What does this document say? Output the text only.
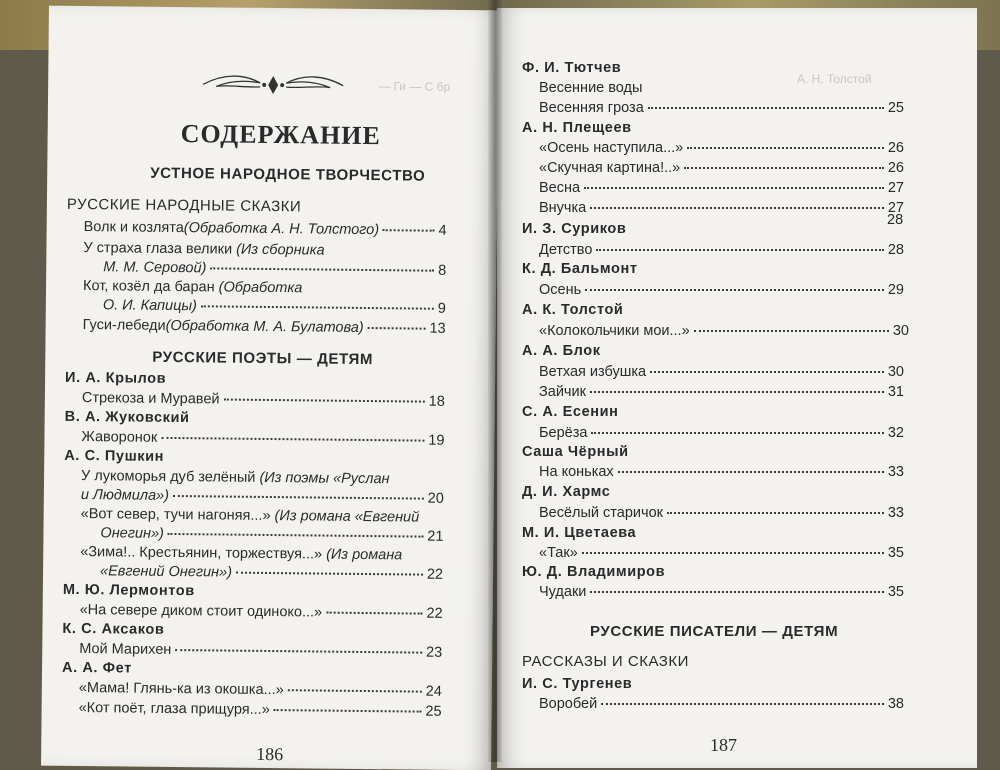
— Ги — С бр
СОДЕРЖАНИЕ
УСТНОЕ НАРОДНОЕ ТВОРЧЕСТВО
РУССКИЕ НАРОДНЫЕ СКАЗКИ
Волк и козлята (Обработка А. Н. Толстого)	4
У страха глаза велики (Из сборника
М. М. Серовой)	8
Кот, козёл да баран (Обработка
О. И. Капицы)	9
Гуси-лебеди (Обработка М. А. Булатова)	13
РУССКИЕ ПОЭТЫ — ДЕТЯМ
И. А. Крылов
Стрекоза и Муравей	18
В. А. Жуковский
Жаворонок	19
А. С. Пушкин
У лукоморья дуб зелёный (Из поэмы «Руслан
и Людмила»)	20
«Вот север, тучи нагоняя...» (Из романа «Евгений
Онегин»)	21
«Зима!.. Крестьянин, торжествуя...» (Из романа
«Евгений Онегин»)	22
М. Ю. Лермонтов
«На севере диком стоит одиноко...»	22
К. С. Аксаков
Мой Марихен	23
А. А. Фет
«Мама! Глянь-ка из окошка...»	24
«Кот поёт, глаза прищуря...»	25
186
А. Н. Толстой
Ф. И. Тютчев
Весенние воды
Весенняя гроза	25
А. Н. Плещеев
«Осень наступила...»	26
«Скучная картина!..»	26
Весна	27
Внучка	27
И. З. Суриков
Детство	28
28
К. Д. Бальмонт
Осень	29
А. К. Толстой
«Колокольчики мои...»	30
А. А. Блок
Ветхая избушка	30
Зайчик	31
С. А. Есенин
Берёза	32
Саша Чёрный
На коньках	33
Д. И. Хармс
Весёлый старичок	33
М. И. Цветаева
«Так»	35
Ю. Д. Владимиров
Чудаки	35
РУССКИЕ ПИСАТЕЛИ — ДЕТЯМ
РАССКАЗЫ И СКАЗКИ
И. С. Тургенев
Воробей	38
187
